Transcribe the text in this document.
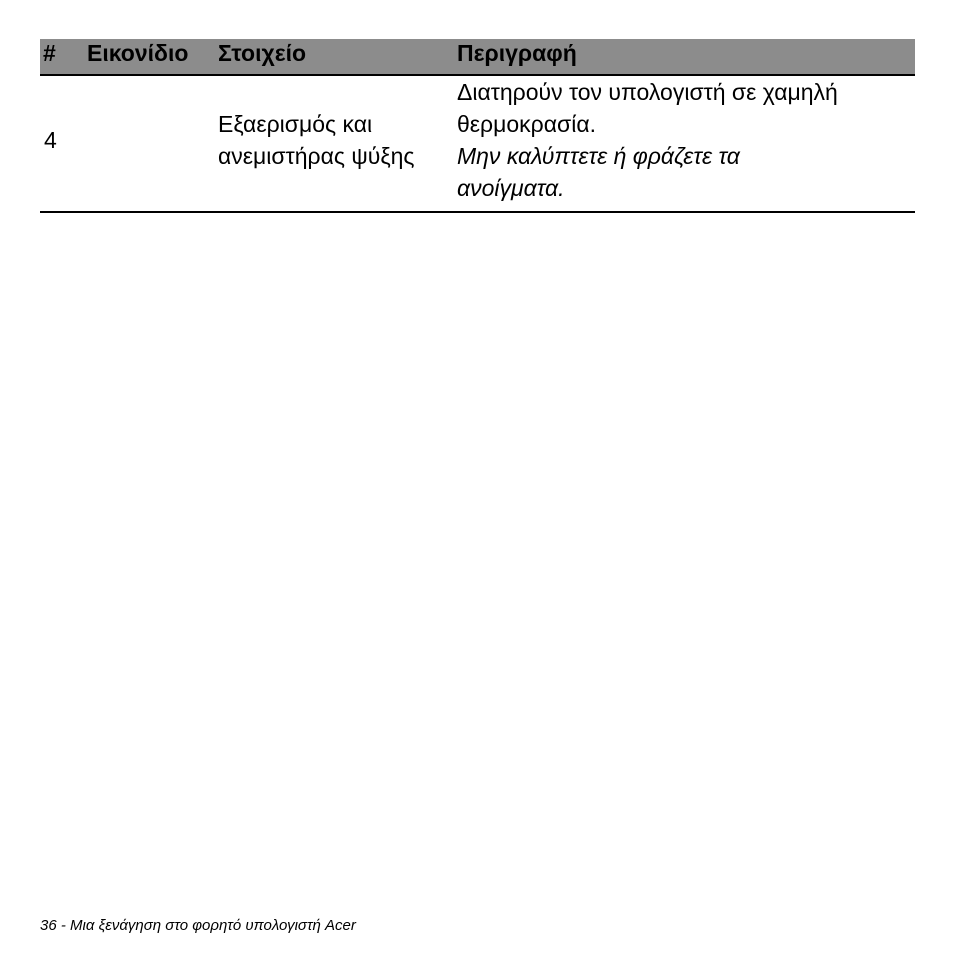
# Εικονίδιο Στοιχείο	Περιγραφή
4
Εξαερισμός και
ανεμιστήρας ψύξης
Διατηρούν τον υπολογιστή σε χαμηλή
θερμοκρασία.
Μην καλύπτετε ή φράζετε τα
ανοίγματα.
36 - Μια ξενάγηση στο φορητό υπολογιστή Acer
